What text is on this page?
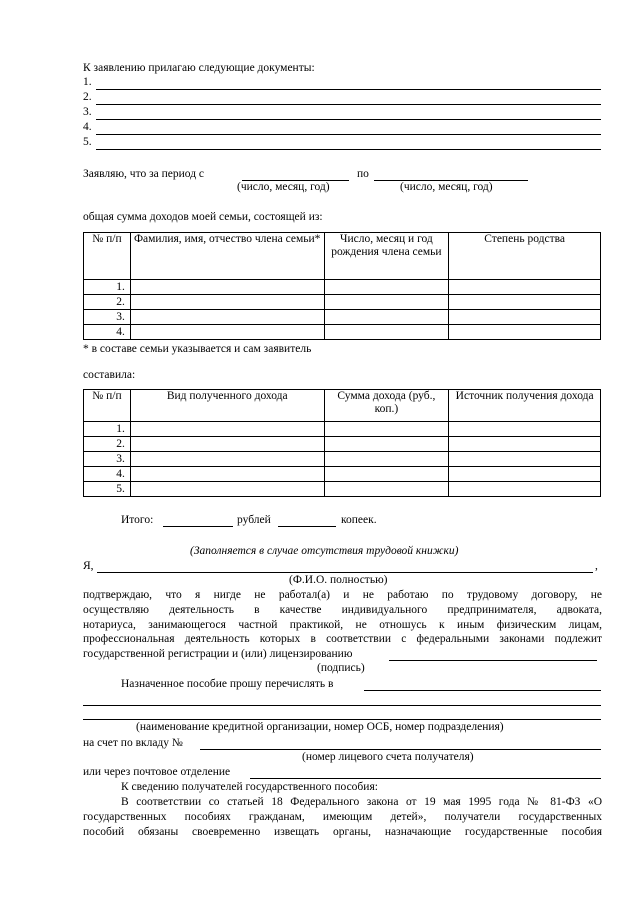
К заявлению прилагаю следующие документы:
1.
2.
3.
4.
5.
Заявляю, что за период с	по
(число, месяц, год)	(число, месяц, год)
общая сумма доходов моей семьи, состоящей из:
№ п/п	Фамилия, имя, отчество члена семьи*	Число, месяц и год рождения члена семьи	Степень родства
1.			
2.			
3.			
4.			
* в составе семьи указывается и сам заявитель
составила:
№ п/п	Вид полученного дохода	Сумма дохода (руб., коп.)	Источник получения дохода
1.			
2.			
3.			
4.			
5.			
Итого:	рублей	копеек.
(Заполняется в случае отсутствия трудовой книжки)
Я,	,
(Ф.И.О. полностью)
подтверждаю, что я нигде не работал(а) и не работаю по трудовому договору, не
осуществляю деятельность в качестве индивидуального предпринимателя, адвоката,
нотариуса, занимающегося частной практикой, не отношусь к иным физическим лицам,
профессиональная деятельность которых в соответствии с федеральными законами подлежит
государственной регистрации и (или) лицензированию
(подпись)
Назначенное пособие прошу перечислять в
(наименование кредитной организации, номер ОСБ, номер подразделения)
на счет по вкладу №
(номер лицевого счета получателя)
или через почтовое отделение
К сведению получателей государственного пособия:
В соответствии со статьей 18 Федерального закона от 19 мая 1995 года № 81-ФЗ «О
государственных пособиях гражданам, имеющим детей», получатели государственных
пособий обязаны своевременно извещать органы, назначающие государственные пособия
